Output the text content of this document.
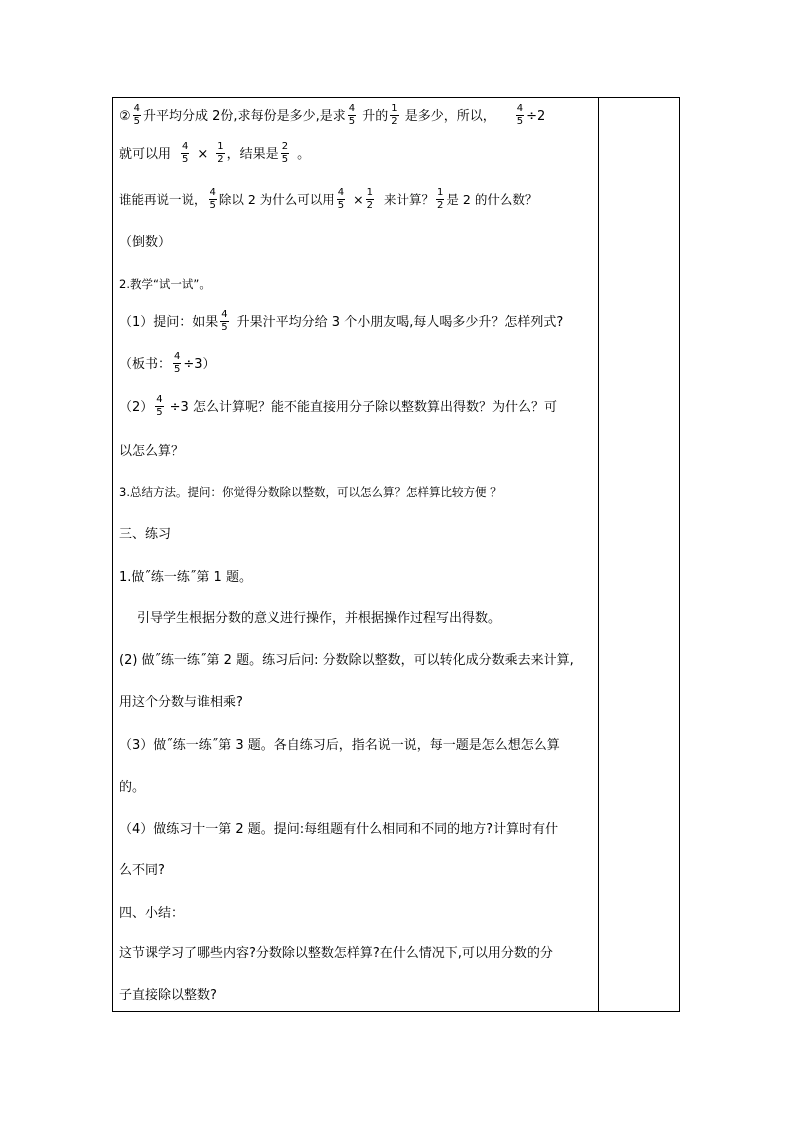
② $\frac{4}{5}$ 升平均分成 2份,求每份是多少,是求 $\frac{4}{5}$ 升的 $\frac{1}{2}$ 是多少，所以， $\frac{4}{5} \div 2$
就可以用 $\frac{4}{5} \times \frac{1}{2}$ ，结果是 $\frac{2}{5}$ 。
谁能再说一说， $\frac{4}{5}$ 除以 2 为什么可以用 $\frac{4}{5} \times \frac{1}{2}$ 来计算？ $\frac{1}{2}$ 是 2 的什么数？
（倒数）
2.教学“试一试”。
（1）提问：如果 $\frac{4}{5}$ 升果汁平均分给 3 个小朋友喝,每人喝多少升？怎样列式?
（板书： $\frac{4}{5} \div 3$）
$(2) \frac{4}{5} \div 3$ 怎么计算呢？能不能直接用分子除以整数算出得数？为什么？可
以怎么算？
3.总结方法。提问：你觉得分数除以整数，可以怎么算？怎样算比较方便 ？
三、练习
1.做˝练一练˝第 1 题。
引导学生根据分数的意义进行操作，并根据操作过程写出得数。
(2) 做˝练一练˝第 2 题。练习后问: 分数除以整数，可以转化成分数乘去来计算,
用这个分数与谁相乘?
（3）做˝练一练˝第 3 题。各自练习后，指名说一说，每一题是怎么想怎么算
的。
（4）做练习十一第 2 题。提问:每组题有什么相同和不同的地方?计算时有什
么不同?
四、小结：
这节课学习了哪些内容?分数除以整数怎样算?在什么情况下,可以用分数的分
子直接除以整数?
